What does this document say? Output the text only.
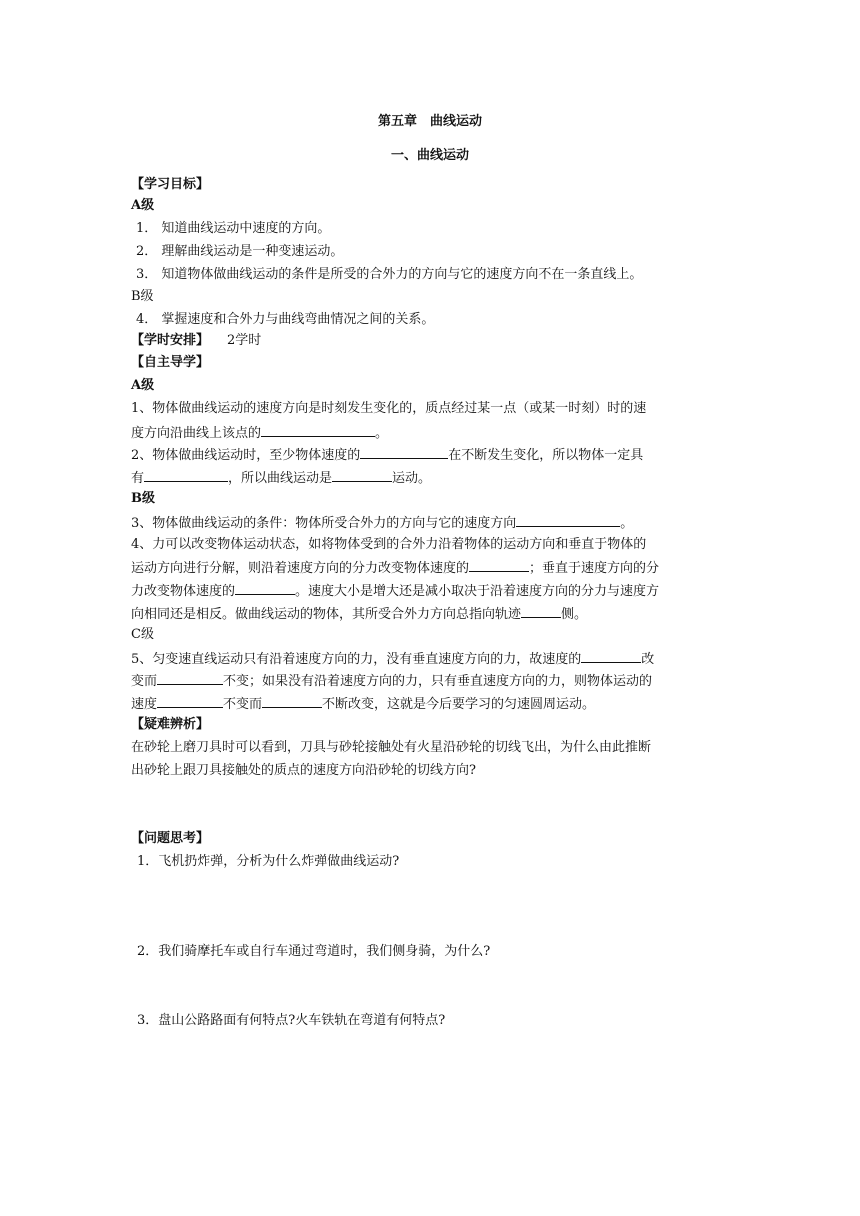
第五章　曲线运动
一、曲线运动
【学习目标】
A级
1． 知道曲线运动中速度的方向。
2． 理解曲线运动是一种变速运动。
3． 知道物体做曲线运动的条件是所受的合外力的方向与它的速度方向不在一条直线上。
B级
4． 掌握速度和合外力与曲线弯曲情况之间的关系。
【学时安排】 2学时
【自主导学】
A级
1、物体做曲线运动的速度方向是时刻发生变化的，质点经过某一点（或某一时刻）时的速
度方向沿曲线上该点的	。
2、物体做曲线运动时，至少物体速度的	在不断发生变化，所以物体一定具
有	，所以曲线运动是	运动。
B级
3、物体做曲线运动的条件：物体所受合外力的方向与它的速度方向	。
4、力可以改变物体运动状态，如将物体受到的合外力沿着物体的运动方向和垂直于物体的
运动方向进行分解，则沿着速度方向的分力改变物体速度的	；垂直于速度方向的分
力改变物体速度的	。速度大小是增大还是减小取决于沿着速度方向的分力与速度方
向相同还是相反。做曲线运动的物体，其所受合外力方向总指向轨迹	侧。
C级
5、匀变速直线运动只有沿着速度方向的力，没有垂直速度方向的力，故速度的	改
变而	不变；如果没有沿着速度方向的力，只有垂直速度方向的力，则物体运动的
速度	不变而	不断改变，这就是今后要学习的匀速圆周运动。
【疑难辨析】
在砂轮上磨刀具时可以看到，刀具与砂轮接触处有火星沿砂轮的切线飞出，为什么由此推断
出砂轮上跟刀具接触处的质点的速度方向沿砂轮的切线方向?
【问题思考】
1．飞机扔炸弹，分析为什么炸弹做曲线运动?
2．我们骑摩托车或自行车通过弯道时，我们侧身骑，为什么?
3．盘山公路路面有何特点?火车铁轨在弯道有何特点?
